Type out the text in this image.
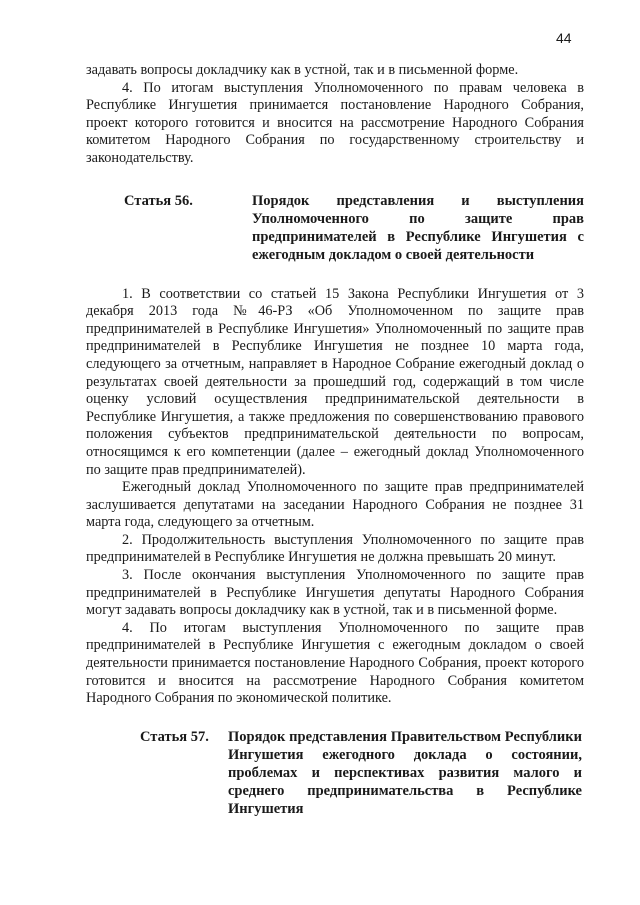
44

задавать вопросы докладчику как в устной, так и в письменной форме.

4. По итогам выступления Уполномоченного по правам человека в Республике Ингушетия принимается постановление Народного Собрания, проект которого готовится и вносится на рассмотрение Народного Собрания комитетом Народного Собрания по государственному строительству и законодательству.

Статья 56.	Порядок представления и выступления Уполномоченного по защите прав предпринимателей в Республике Ингушетия с ежегодным докладом о своей деятельности

1. В соответствии со статьей 15 Закона Республики Ингушетия от 3 декабря 2013 года №46-РЗ «Об Уполномоченном по защите прав предпринимателей в Республике Ингушетия» Уполномоченный по защите прав предпринимателей в Республике Ингушетия не позднее 10 марта года, следующего за отчетным, направляет в Народное Собрание ежегодный доклад о результатах своей деятельности за прошедший год, содержащий в том числе оценку условий осуществления предпринимательской деятельности в Республике Ингушетия, а также предложения по совершенствованию правового положения субъектов предпринимательской деятельности по вопросам, относящимся к его компетенции (далее – ежегодный доклад Уполномоченного по защите прав предпринимателей).

Ежегодный доклад Уполномоченного по защите прав предпринимателей заслушивается депутатами на заседании Народного Собрания не позднее 31 марта года, следующего за отчетным.

2. Продолжительность выступления Уполномоченного по защите прав предпринимателей в Республике Ингушетия не должна превышать 20 минут.

3. После окончания выступления Уполномоченного по защите прав предпринимателей в Республике Ингушетия депутаты Народного Собрания могут задавать вопросы докладчику как в устной, так и в письменной форме.

4. По итогам выступления Уполномоченного по защите прав предпринимателей в Республике Ингушетия с ежегодным докладом о своей деятельности принимается постановление Народного Собрания, проект которого готовится и вносится на рассмотрение Народного Собрания комитетом Народного Собрания по экономической политике.

Статья 57.	Порядок представления Правительством Республики Ингушетия ежегодного доклада о состоянии, проблемах и перспективах развития малого и среднего предпринимательства в Республике Ингушетия
